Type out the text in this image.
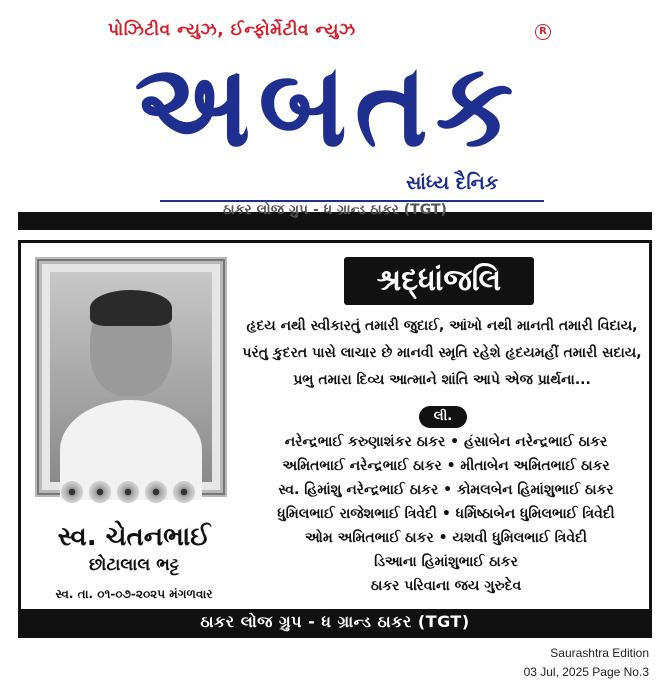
પોઝિટીવ ન્યુઝ, ઈન્ફોર્મેટીવ ન્યુઝ	R
અબતક
સાંધ્ય દૈનિક
ઠાકર લોજ ગ્રુપ - ધ ગ્રાન્ડ ઠાકર (TGT)
સ્વ. ચેતનભાઈ
છોટાલાલ ભટ્ટ
સ્વ. તા. ૦૧-૦૭-૨૦૨૫ મંગળવાર
શ્રદ્ધાંજલિ
હૃદય નથી સ્વીકારતું તમારી જુદાઈ, આંખો નથી માનતી તમારી વિદાય,
પરંતુ કુદરત પાસે લાચાર છે માનવી સ્મૃતિ રહેશે હૃદયમહીં તમારી સદાય,
પ્રભુ તમારા દિવ્ય આત્માને શાંતિ આપે એજ પ્રાર્થના...
લી.
નરેન્દ્રભાઈ કરુણાશંકર ઠાકર • હંસાબેન નરેન્દ્રભાઈ ઠાકર
અમિતભાઈ નરેન્દ્રભાઈ ઠાકર • મીતાબેન અમિતભાઈ ઠાકર
સ્વ. હિમાંશુ નરેન્દ્રભાઈ ઠાકર • કોમલબેન હિમાંશુભાઈ ઠાકર
ધુમિલભાઈ રાજેશભાઈ ત્રિવેદી • ધર્મિષ્ઠાબેન ધુમિલભાઈ ત્રિવેદી
ઓમ અમિતભાઈ ઠાકર • યશવી ધુમિલભાઈ ત્રિવેદી
ડિઆના હિમાંશુભાઈ ઠાકર
ઠાકર પરિવાના જય ગુરુદેવ
ઠાકર લોજ ગ્રુપ - ધ ગ્રાન્ડ ઠાકર (TGT)
Saurashtra Edition
03 Jul, 2025 Page No.3
